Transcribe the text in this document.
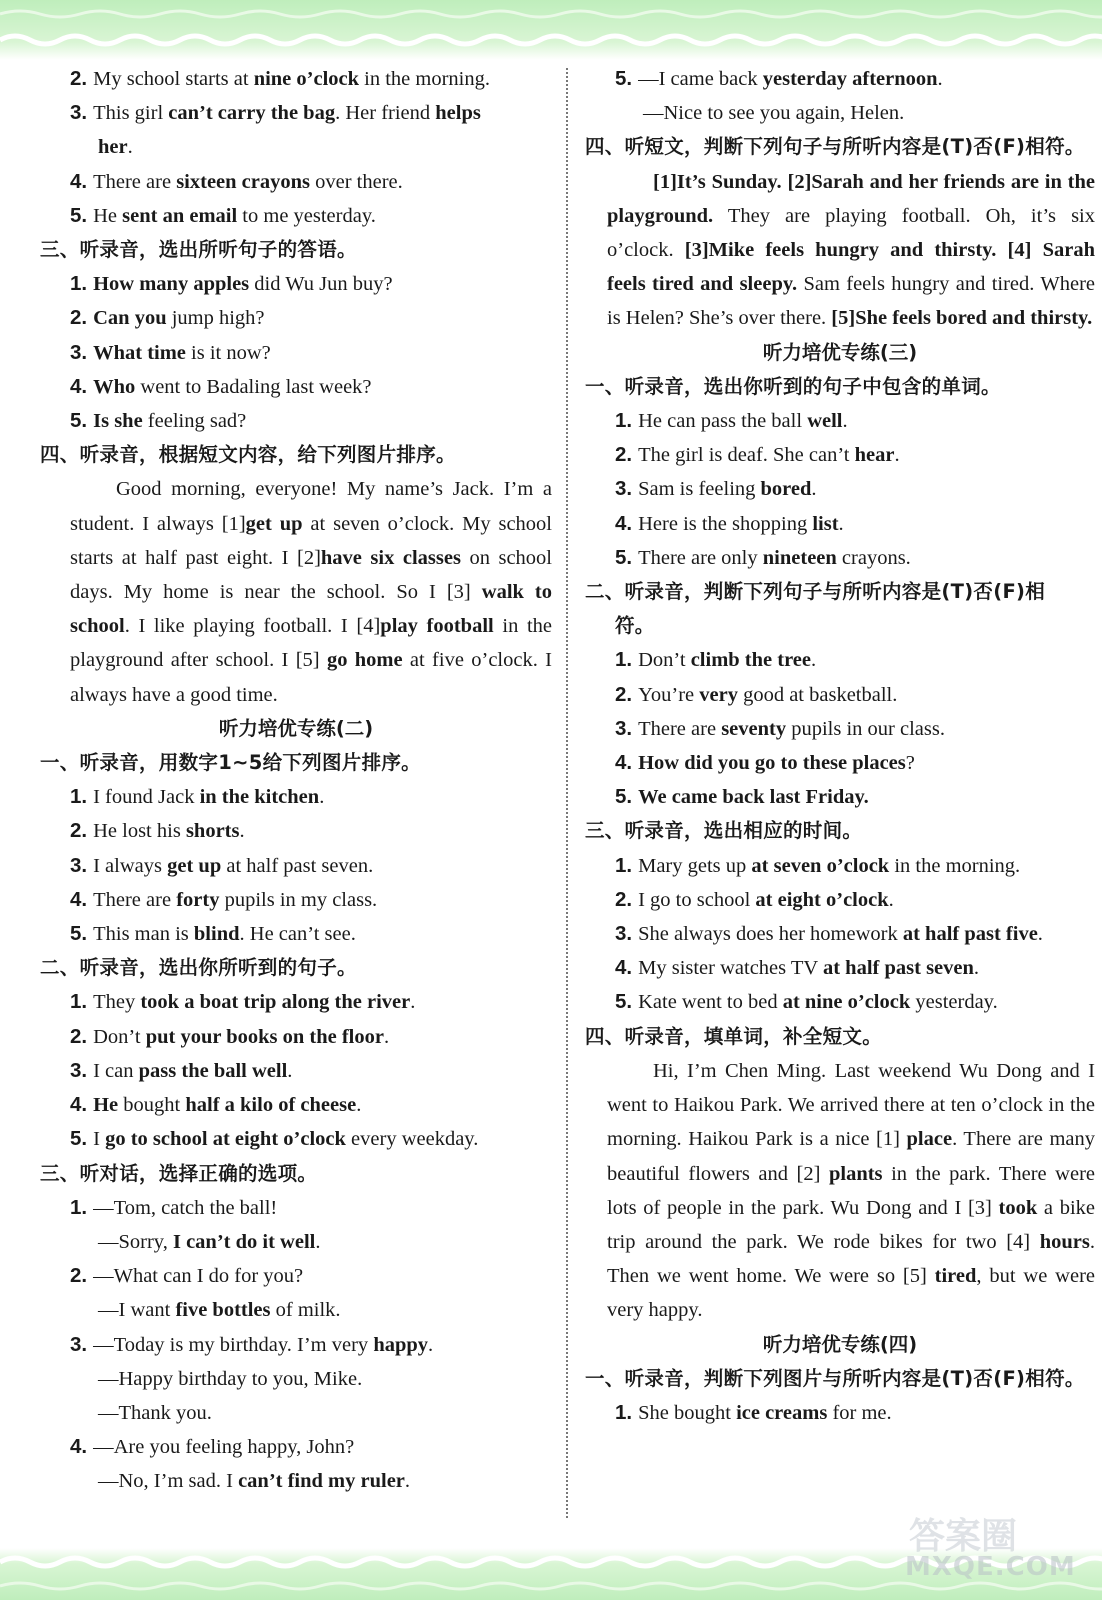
2. My school starts at nine o’clock in the morning.

3. This girl can’t carry the bag. Her friend helps

her.

4. There are sixteen crayons over there.

5. He sent an email to me yesterday.

三、听录音，选出所听句子的答语。

1. How many apples did Wu Jun buy?

2. Can you jump high?

3. What time is it now?

4. Who went to Badaling last week?

5. Is she feeling sad?

四、听录音，根据短文内容，给下列图片排序。

Good morning, everyone! My name’s Jack. I’m a student. I always [1]get up at seven o’clock. My school starts at half past eight. I [2]have six classes on school days. My home is near the school. So I [3] walk to school. I like playing football. I [4]play football in the playground after school. I [5] go home at five o’clock. I always have a good time.

听力培优专练(二)

一、听录音，用数字1~5给下列图片排序。

1. I found Jack in the kitchen.

2. He lost his shorts.

3. I always get up at half past seven.

4. There are forty pupils in my class.

5. This man is blind. He can’t see.

二、听录音，选出你所听到的句子。

1. They took a boat trip along the river.

2. Don’t put your books on the floor.

3. I can pass the ball well.

4. He bought half a kilo of cheese.

5. I go to school at eight o’clock every weekday.

三、听对话，选择正确的选项。

1. —Tom, catch the ball!

—Sorry, I can’t do it well.

2. —What can I do for you?

—I want five bottles of milk.

3. —Today is my birthday. I’m very happy.

—Happy birthday to you, Mike.

—Thank you.

4. —Are you feeling happy, John?

—No, I’m sad. I can’t find my ruler.

5. —I came back yesterday afternoon.

—Nice to see you again, Helen.

四、听短文，判断下列句子与所听内容是(T)否(F)相符。

[1]It’s Sunday. [2]Sarah and her friends are in the playground. They are playing football. Oh, it’s six o’clock. [3]Mike feels hungry and thirsty. [4] Sarah feels tired and sleepy. Sam feels hungry and tired. Where is Helen? She’s over there. [5]She feels bored and thirsty.

听力培优专练(三)

一、听录音，选出你听到的句子中包含的单词。

1. He can pass the ball well.

2. The girl is deaf. She can’t hear.

3. Sam is feeling bored.

4. Here is the shopping list.

5. There are only nineteen crayons.

二、听录音，判断下列句子与所听内容是(T)否(F)相

符。

1. Don’t climb the tree.

2. You’re very good at basketball.

3. There are seventy pupils in our class.

4. How did you go to these places?

5. We came back last Friday.

三、听录音，选出相应的时间。

1. Mary gets up at seven o’clock in the morning.

2. I go to school at eight o’clock.

3. She always does her homework at half past five.

4. My sister watches TV at half past seven.

5. Kate went to bed at nine o’clock yesterday.

四、听录音，填单词，补全短文。

Hi, I’m Chen Ming. Last weekend Wu Dong and I went to Haikou Park. We arrived there at ten o’clock in the morning. Haikou Park is a nice [1] place. There are many beautiful flowers and [2] plants in the park. There were lots of people in the park. Wu Dong and I [3] took a bike trip around the park. We rode bikes for two [4] hours. Then we went home. We were so [5] tired, but we were very happy.

听力培优专练(四)

一、听录音，判断下列图片与所听内容是(T)否(F)相符。

1. She bought ice creams for me.

答案圈
MXQE.COM
